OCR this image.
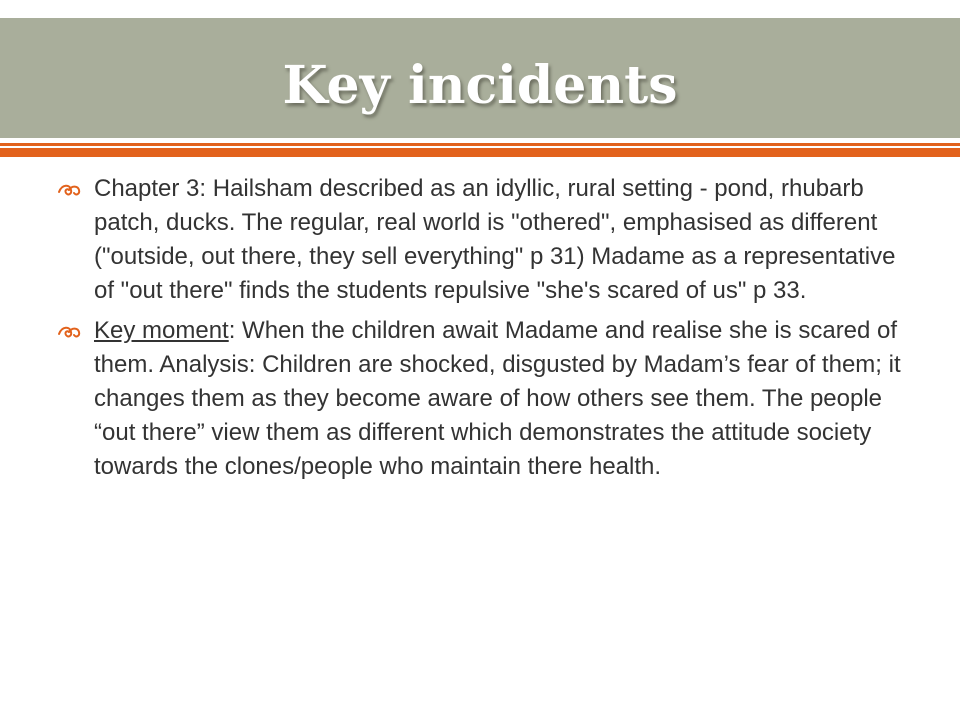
Key incidents
Chapter 3: Hailsham described as an idyllic, rural setting - pond, rhubarb patch, ducks. The regular, real world is "othered", emphasised as different ("outside, out there, they sell everything" p 31) Madame as a representative of "out there" finds the students repulsive "she's scared of us" p 33.
Key moment: When the children await Madame and realise she is scared of them. Analysis: Children are shocked, disgusted by Madam’s fear of them; it changes them as they become aware of how others see them. The people “out there” view them as different which demonstrates the attitude society towards the clones/people who maintain there health.
